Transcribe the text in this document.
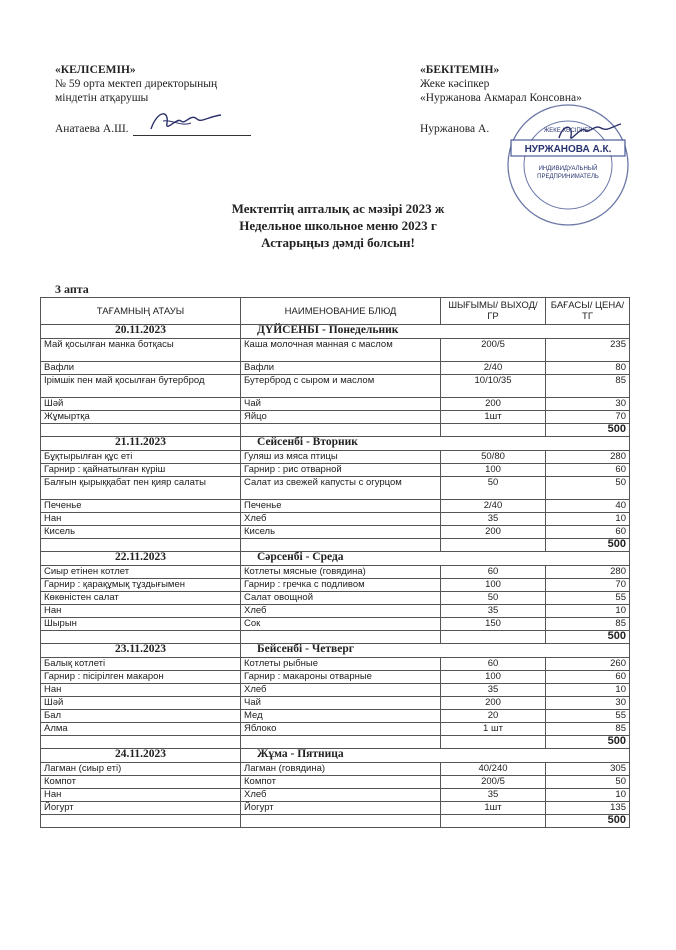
«КЕЛІСЕМІН»
№ 59 орта мектеп директорының
міндетін атқарушы
Анатаева А.Ш.
«БЕКІТЕМІН»
Жеке кәсіпкер
«Нуржанова Акмарал Консовна»
Нуржанова А.
НУРЖАНОВА А.К.
ИНДИВИДУАЛЬНЫЙ
ПРЕДПРИНИМАТЕЛЬ
ЖЕКЕ КӘСІПКЕР
Мектептің апталық ас мәзірі 2023 ж
Недельное школьное меню 2023 г
Астарыңыз дәмді болсын!
3 апта
ТАҒАМНЫҢ АТАУЫ	НАИМЕНОВАНИЕ БЛЮД	ШЫҒЫМЫ/ ВЫХОД/ГР	БАҒАСЫ/ ЦЕНА/ТГ
20.11.2023	ДҮЙСЕНБІ - Понедельник		
Май қосылған манка ботқасы	Каша молочная манная с маслом	200/5	235
Вафли	Вафли	2/40	80
Ірімшік пен май қосылған бутерброд	Бутерброд с сыром и маслом	10/10/35	85
Шәй	Чай	200	30
Жұмыртқа	Яйцо	1шт	70
			500
21.11.2023	Сейсенбі - Вторник		
Бұқтырылған құс еті	Гуляш из мяса птицы	50/80	280
Гарнир : қайнатылған күріш	Гарнир : рис отварной	100	60
Балғын қырыққабат пен қияр салаты	Салат из свежей капусты с огурцом	50	50
Печенье	Печенье	2/40	40
Нан	Хлеб	35	10
Кисель	Кисель	200	60
			500
22.11.2023	Сәрсенбі - Среда		
Сиыр етінен котлет	Котлеты мясные (говядина)	60	280
Гарнир : қарақұмық тұздығымен	Гарнир : гречка с подливом	100	70
Көкөністен салат	Салат овощной	50	55
Нан	Хлеб	35	10
Шырын	Сок	150	85
			500
23.11.2023	Бейсенбі - Четверг		
Балық котлеті	Котлеты рыбные	60	260
Гарнир : пісірілген макарон	Гарнир : макароны отварные	100	60
Нан	Хлеб	35	10
Шәй	Чай	200	30
Бал	Мед	20	55
Алма	Яблоко	1 шт	85
			500
24.11.2023	Жұма - Пятница		
Лагман (сиыр еті)	Лагман (говядина)	40/240	305
Компот	Компот	200/5	50
Нан	Хлеб	35	10
Йогурт	Йогурт	1шт	135
			500
